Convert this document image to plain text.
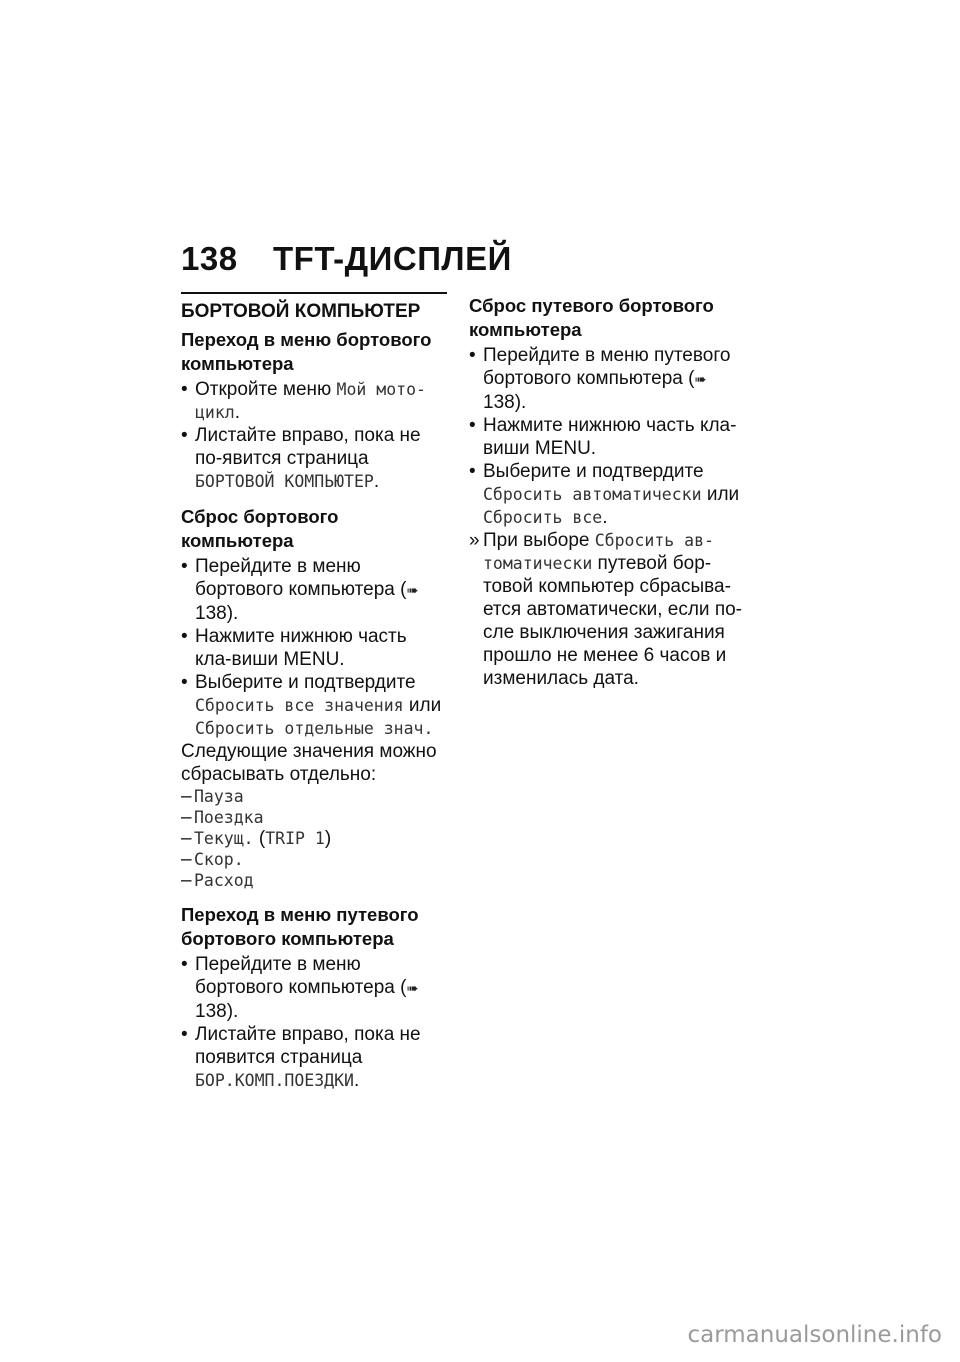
138 TFT-ДИСПЛЕЙ
БОРТОВОЙ КОМПЬЮТЕР
Переход в меню бортового компьютера

• Откройте меню Мой мото-цикл.

• Листайте вправо, пока не по-явится страница БОРТОВОЙ КОМПЬЮТЕР.

Сброс бортового компьютера

• Перейдите в меню бортового компьютера (➠ 138).

• Нажмите нижнюю часть кла-виши MENU.

• Выберите и подтвердите Сбросить все значения или Сбросить отдельные знач.

Следующие значения можно сбрасывать отдельно:

– Пауза

– Поездка

– Текущ. (TRIP 1)

– Скор.

– Расход

Переход в меню путевого бортового компьютера

• Перейдите в меню бортового компьютера (➠ 138).

• Листайте вправо, пока не появится страница БОР.КОМП.ПОЕЗДКИ.

Сброс путевого бортового компьютера

• Перейдите в меню путевого бортового компьютера (➠ 138).

• Нажмите нижнюю часть кла-виши MENU.

• Выберите и подтвердите Сбросить автоматически или Сбросить все.

» При выборе Сбросить ав-томатически путевой бор-товой компьютер сбрасыва-ется автоматически, если по-сле выключения зажигания прошло не менее 6 часов и изменилась дата.

carmanualsonline.info
